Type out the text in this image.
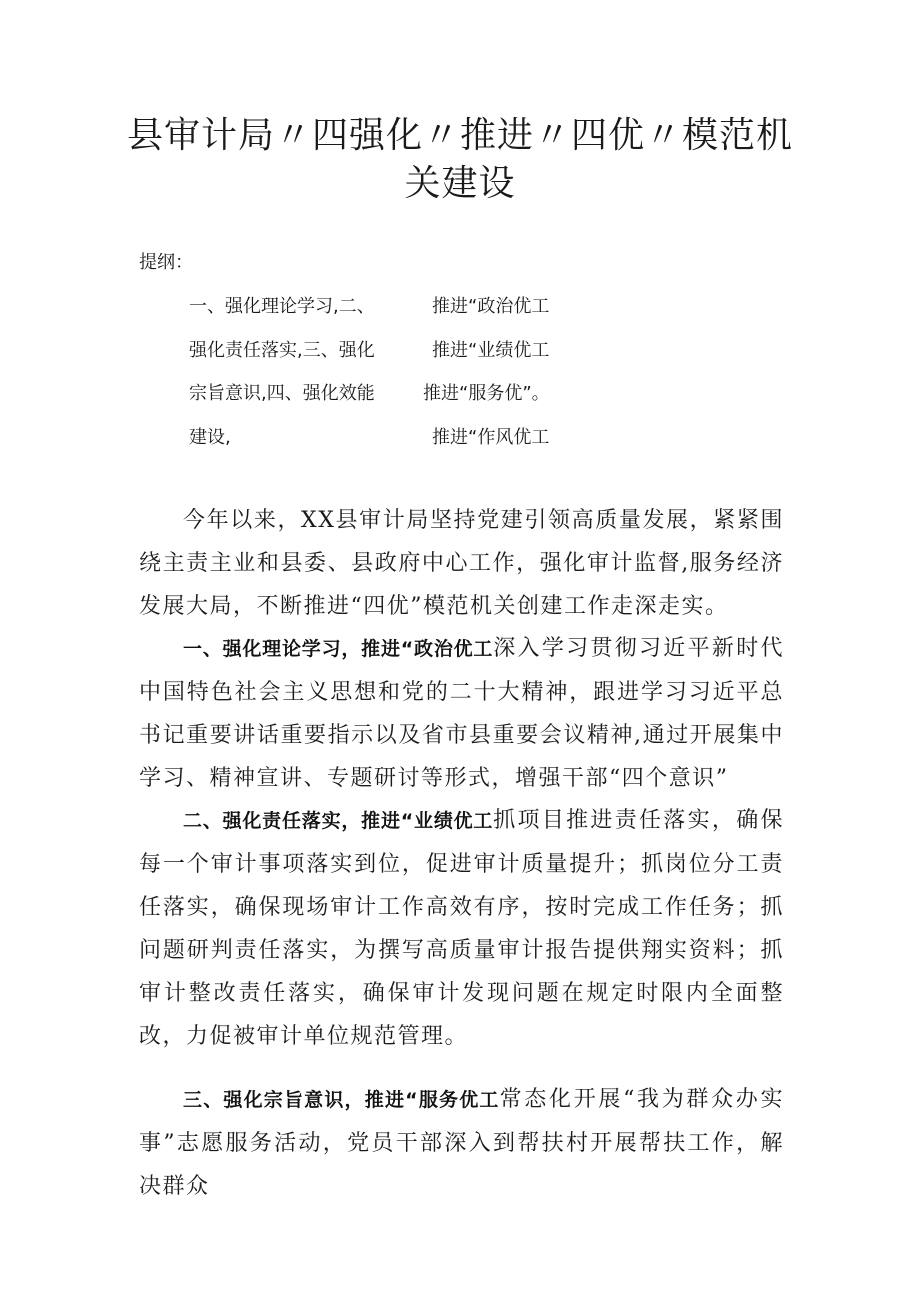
县审计局〃四强化〃推进〃四优〃模范机
关建设
提纲：
一、强化理论学习,二、
强化责任落实,三、强化
宗旨意识,四、强化效能
建设,
推进“政治优工
推进“业绩优工
推进“服务优”。
推进“作风优工

今年以来，XX县审计局坚持党建引领高质量发展，紧紧围绕主责主业和县委、县政府中心工作，强化审计监督,服务经济发展大局，不断推进“四优”模范机关创建工作走深走实。

一、强化理论学习，推进“政治优工深入学习贯彻习近平新时代中国特色社会主义思想和党的二十大精神，跟进学习习近平总书记重要讲话重要指示以及省市县重要会议精神,通过开展集中学习、精神宣讲、专题研讨等形式，增强干部“四个意识”

二、强化责任落实，推进“业绩优工抓项目推进责任落实，确保每一个审计事项落实到位，促进审计质量提升；抓岗位分工责任落实，确保现场审计工作高效有序，按时完成工作任务；抓问题研判责任落实，为撰写高质量审计报告提供翔实资料；抓审计整改责任落实，确保审计发现问题在规定时限内全面整改，力促被审计单位规范管理。

三、强化宗旨意识，推进“服务优工常态化开展“我为群众办实事”志愿服务活动，党员干部深入到帮扶村开展帮扶工作，解决群众
